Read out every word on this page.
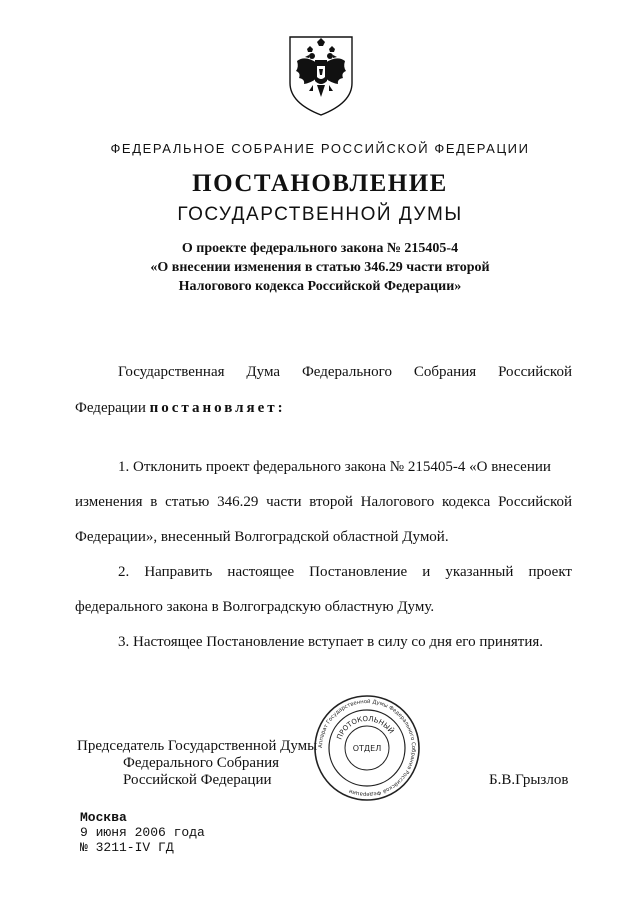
ФЕДЕРАЛЬНОЕ СОБРАНИЕ РОССИЙСКОЙ ФЕДЕРАЦИИ
ПОСТАНОВЛЕНИЕ
ГОСУДАРСТВЕННОЙ ДУМЫ
О проекте федерального закона № 215405-4
«О внесении изменения в статью 346.29 части второй
Налогового кодекса Российской Федерации»
Государственная Дума Федерального Собрания Российской
Федерации постановляет:
1. Отклонить проект федерального закона № 215405-4 «О внесении
изменения в статью 346.29 части второй Налогового кодекса Российской
Федерации», внесенный Волгоградской областной Думой.
2. Направить настоящее Постановление и указанный проект
федерального закона в Волгоградскую областную Думу.
3. Настоящее Постановление вступает в силу со дня его принятия.
Председатель Государственной Думы
Федерального Собрания
Российской Федерации	Б.В.Грызлов
Аппарат Государственной Думы Федерального Собрания Российской Федерации
ПРОТОКОЛЬНЫЙ
ОТДЕЛ
Москва
9 июня 2006 года
№ 3211-IV ГД
